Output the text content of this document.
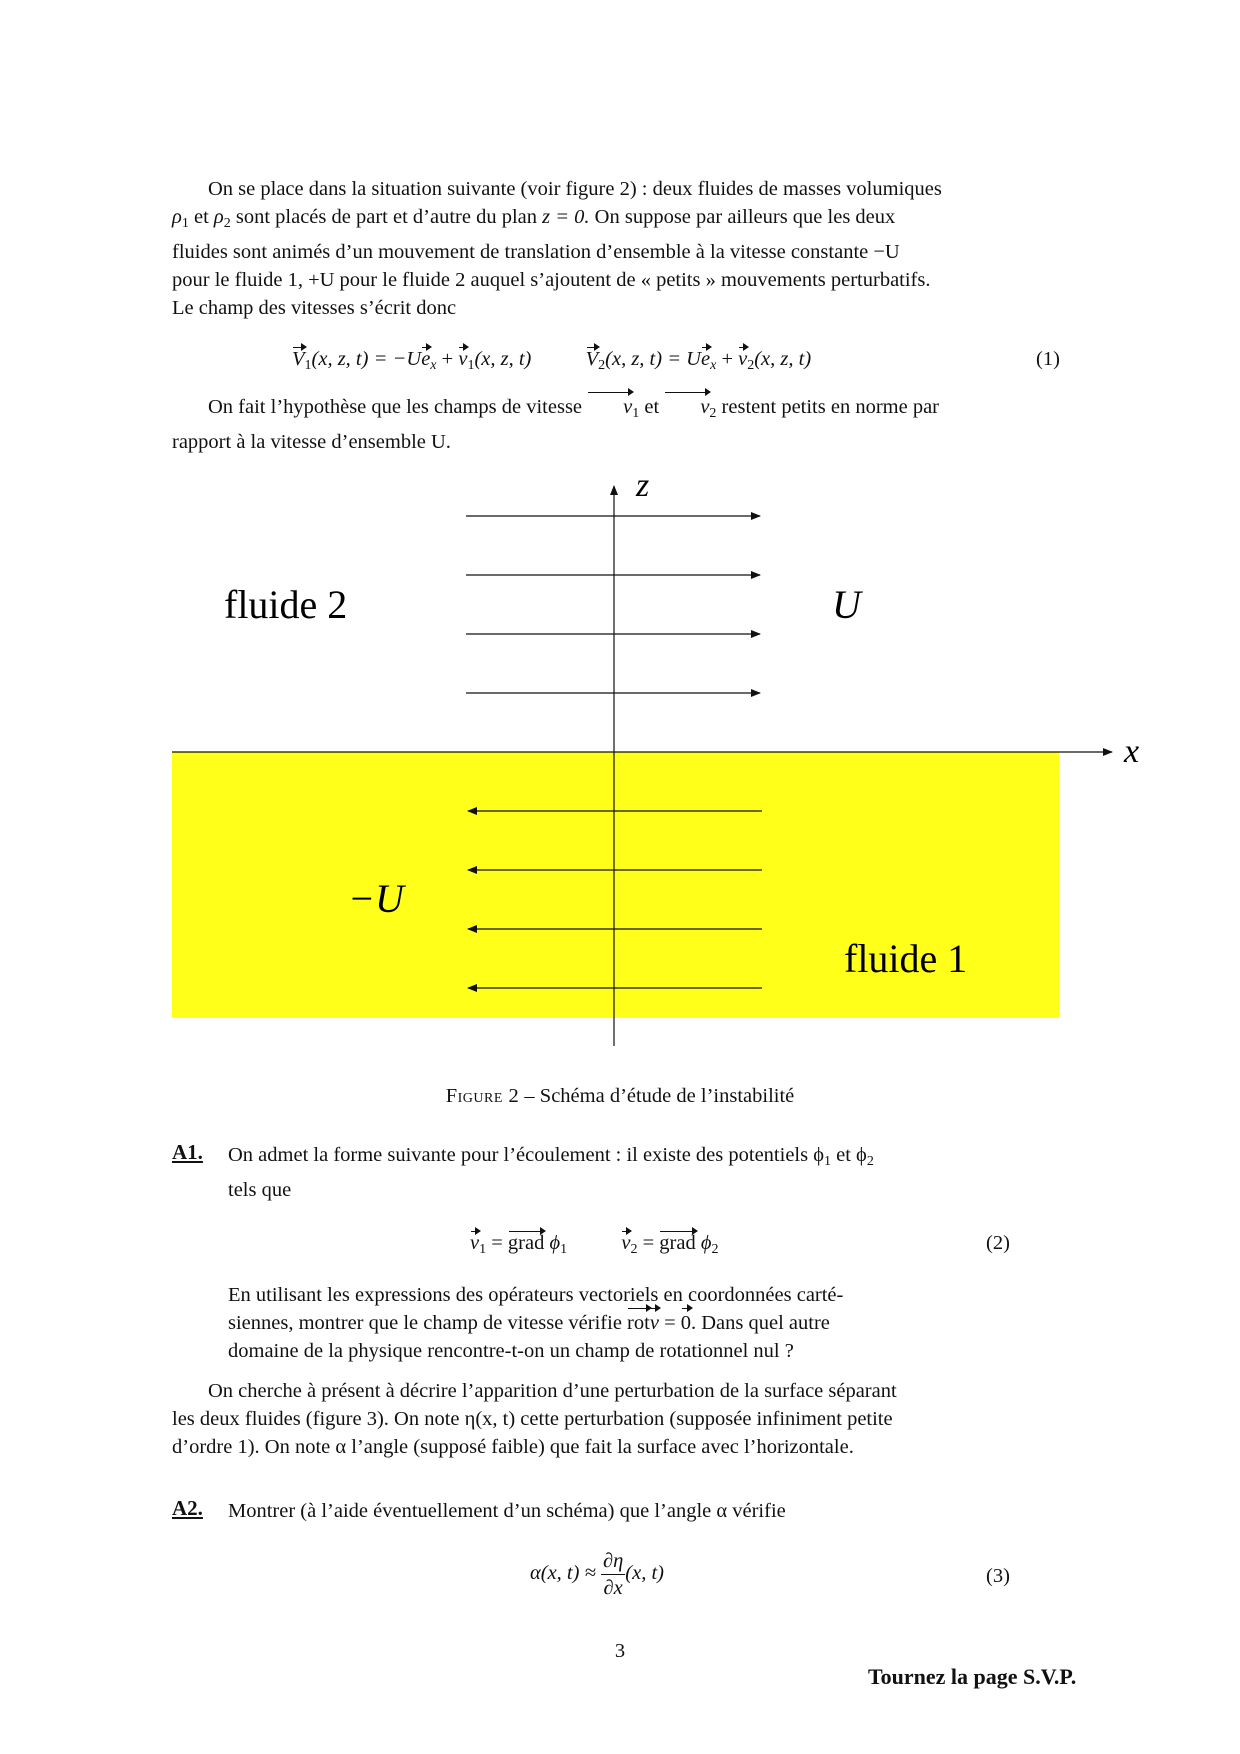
On se place dans la situation suivante (voir figure 2) : deux fluides de masses volumiques

$\rho_1$ et $\rho_2$ sont placés de part et d’autre du plan z = 0. On suppose par ailleurs que les deux

fluides sont animés d’un mouvement de translation d’ensemble à la vitesse constante −U

pour le fluide 1, +U pour le fluide 2 auquel s’ajoutent de « petits » mouvements perturbatifs.

Le champ des vitesses s’écrit donc

$V_1(x$, z, $t) = -Ue_x + v_1(x$, z, t)	$V_2(x$, z, $t) = Ue_x + v_2(x$, z, t)	(1)

On fait l’hypothèse que les champs de vitesse $v_1$ et $v_2$ restent petits en norme par

rapport à la vitesse d’ensemble U.

z
x
fluide 2	U
−U
fluide 1
Figure 2 – Schéma d’étude de l’instabilité
A1. On admet la forme suivante pour l’écoulement : il existe des potentiels $\phi_1$ et $\phi_2$

tels que

$v_1$ = grad $\phi_1$	$v_2$ = grad $\phi_2$	(2)

En utilisant les expressions des opérateurs vectoriels en coordonnées carté-

siennes, montrer que le champ de vitesse vérifie rotv = 0. Dans quel autre

domaine de la physique rencontre-t-on un champ de rotationnel nul ?

On cherche à présent à décrire l’apparition d’une perturbation de la surface séparant

les deux fluides (figure 3). On note η(x, t) cette perturbation (supposée infiniment petite

d’ordre 1). On note α l’angle (supposé faible) que fait la surface avec l’horizontale.

A2. Montrer (à l’aide éventuellement d’un schéma) que l’angle α vérifie
α(x, $t) \approx \frac{\partial\eta}{\partial x} (x$, t)	(3)
3
Tournez la page S.V.P.
